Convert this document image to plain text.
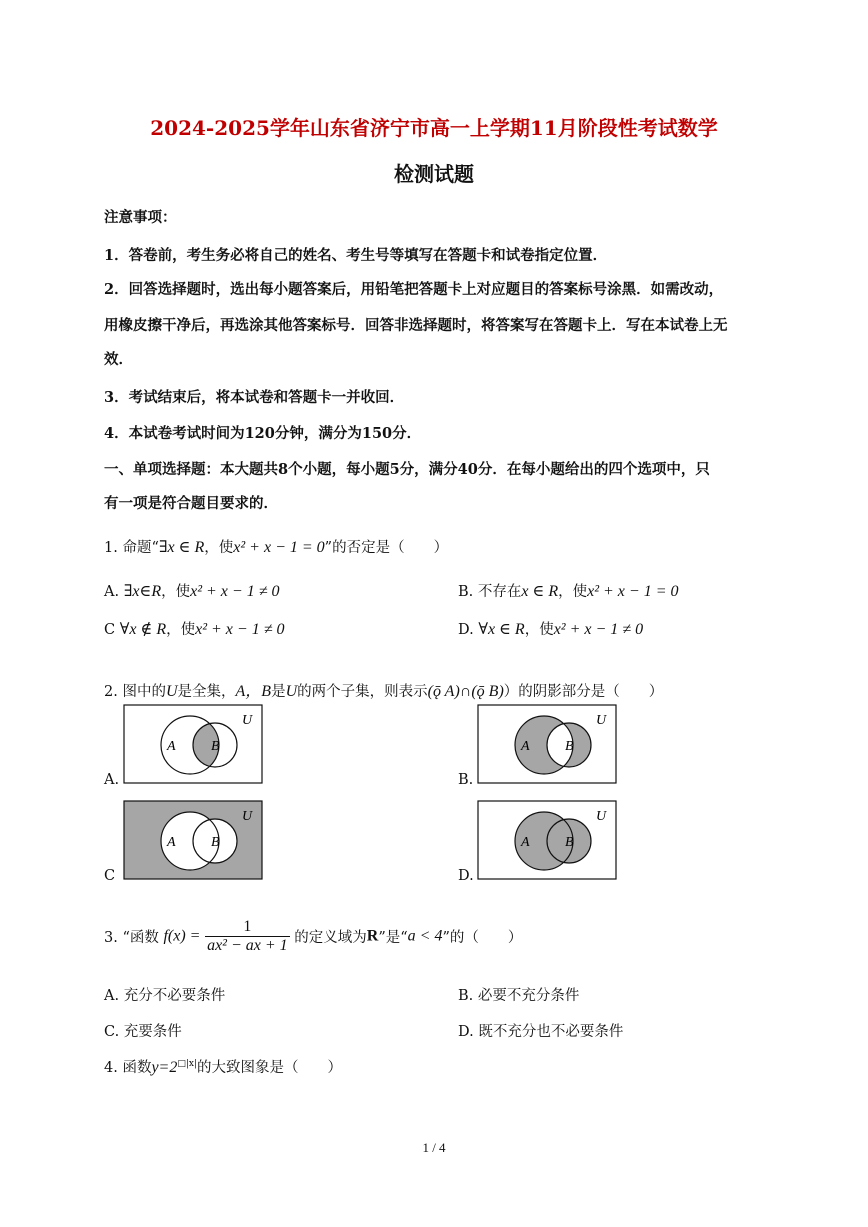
2024-2025学年山东省济宁市高一上学期11月阶段性考试数学
检测试题
注意事项：
1．答卷前，考生务必将自己的姓名、考生号等填写在答题卡和试卷指定位置．
2．回答选择题时，选出每小题答案后，用铅笔把答题卡上对应题目的答案标号涂黑．如需改动，
用橡皮擦干净后，再选涂其他答案标号．回答非选择题时，将答案写在答题卡上．写在本试卷上无
效．
3．考试结束后，将本试卷和答题卡一并收回．
4．本试卷考试时间为120分钟，满分为150分．
一、单项选择题：本大题共8个小题，每小题5分，满分40分．在每小题给出的四个选项中，只
有一项是符合题目要求的．
1. 命题“∃x ∈ R，使x² + x − 1 = 0”的否定是（　　）
A. ∃x∈R，使x² + x − 1 ≠ 0	B. 不存在x ∈ R，使x² + x − 1 = 0
C ∀x ∉ R，使x² + x − 1 ≠ 0	D. ∀x ∈ R，使x² + x − 1 ≠ 0
2. 图中的U是全集，A，B是U的两个子集，则表示(ǭ A)∩(ǭ B)）的阴影部分是（　　）
U
A	B
A.
U
A	B
B.
U
A	B
C
U
A	B
D.
3. “函数 $f(x) = \frac{1}{\text{ax² − ax + 1}}$ 的定义域为R”是“a < 4”的（　　）
A. 充分不必要条件	B. 必要不充分条件
C. 充要条件	D. 既不充分也不必要条件
4. 函数$y=2^{□|x|}$的大致图象是（　　）
1 / 4
